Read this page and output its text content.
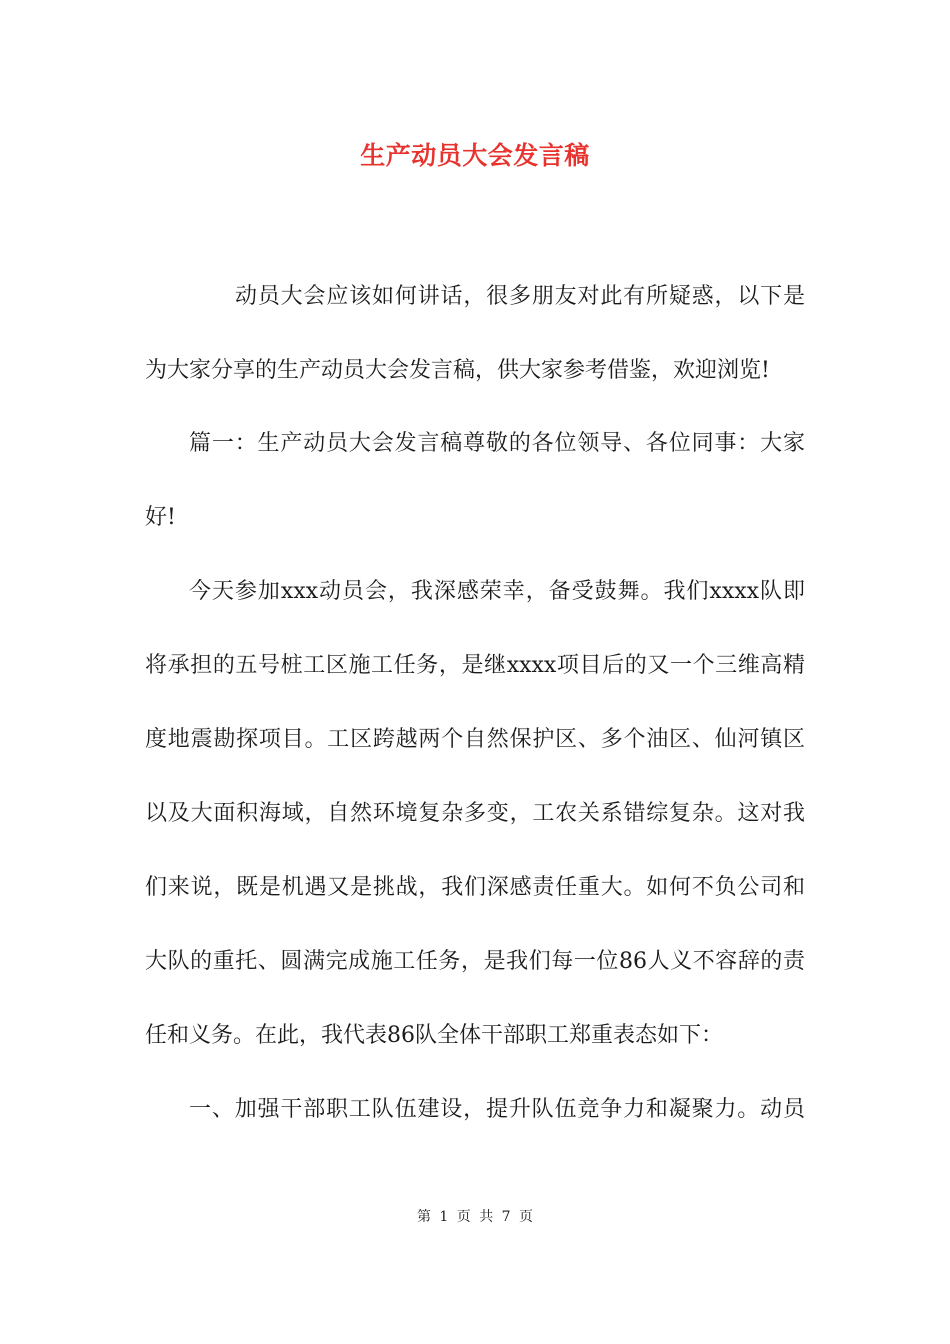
生产动员大会发言稿
动员大会应该如何讲话，很多朋友对此有所疑惑，以下是
为大家分享的生产动员大会发言稿，供大家参考借鉴，欢迎浏览!
篇一：生产动员大会发言稿尊敬的各位领导、各位同事：大家
好!
今天参加xxx动员会，我深感荣幸，备受鼓舞。我们xxxx队即
将承担的五号桩工区施工任务，是继xxxx项目后的又一个三维高精
度地震勘探项目。工区跨越两个自然保护区、多个油区、仙河镇区
以及大面积海域，自然环境复杂多变，工农关系错综复杂。这对我
们来说，既是机遇又是挑战，我们深感责任重大。如何不负公司和
大队的重托、圆满完成施工任务，是我们每一位86人义不容辞的责
任和义务。在此，我代表86队全体干部职工郑重表态如下：
一、加强干部职工队伍建设，提升队伍竞争力和凝聚力。动员
第 1 页 共 7 页
